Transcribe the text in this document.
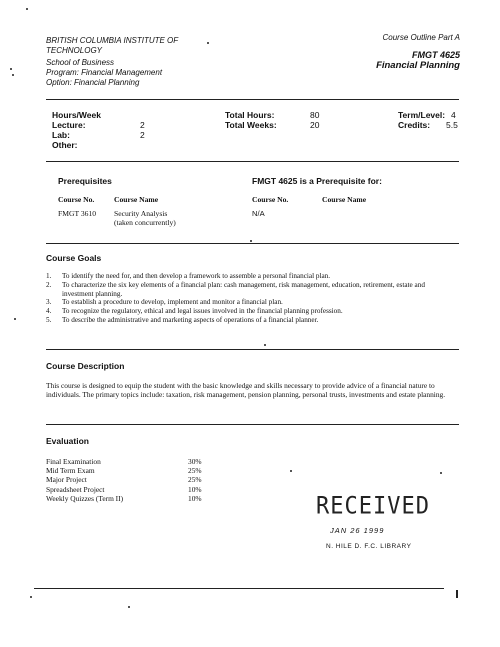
BRITISH COLUMBIA INSTITUTE OF
TECHNOLOGY
School of Business
Program: Financial Management
Option: Financial Planning
Course Outline Part A
FMGT 4625
Financial Planning
Hours/Week
Lecture:	2
Lab:	2
Other:
Total Hours:	80
Total Weeks:	20
Term/Level: 4
Credits: 5.5
Prerequisites	FMGT 4625 is a Prerequisite for:
Course No.	Course Name
FMGT 3610 Security Analysis
(taken concurrently)
Course No.	Course Name
N/A
Course Goals
1. To identify the need for, and then develop a framework to assemble a personal financial plan.
2. To characterize the six key elements of a financial plan: cash management, risk management, education, retirement, estate and investment planning.
3. To establish a procedure to develop, implement and monitor a financial plan.
4. To recognize the regulatory, ethical and legal issues involved in the financial planning profession.
5. To describe the administrative and marketing aspects of operations of a financial planner.
Course Description
This course is designed to equip the student with the basic knowledge and skills necessary to provide advice of a financial nature to individuals. The primary topics include: taxation, risk management, pension planning, personal trusts, investments and estate planning.
Evaluation
Final Examination	30%
Mid Term Exam	25%
Major Project	25%
Spreadsheet Project	10%
Weekly Quizzes (Term II)	10%	RECEIVED
JAN 26 1999
N. HILE D. F.C. LIBRARY
